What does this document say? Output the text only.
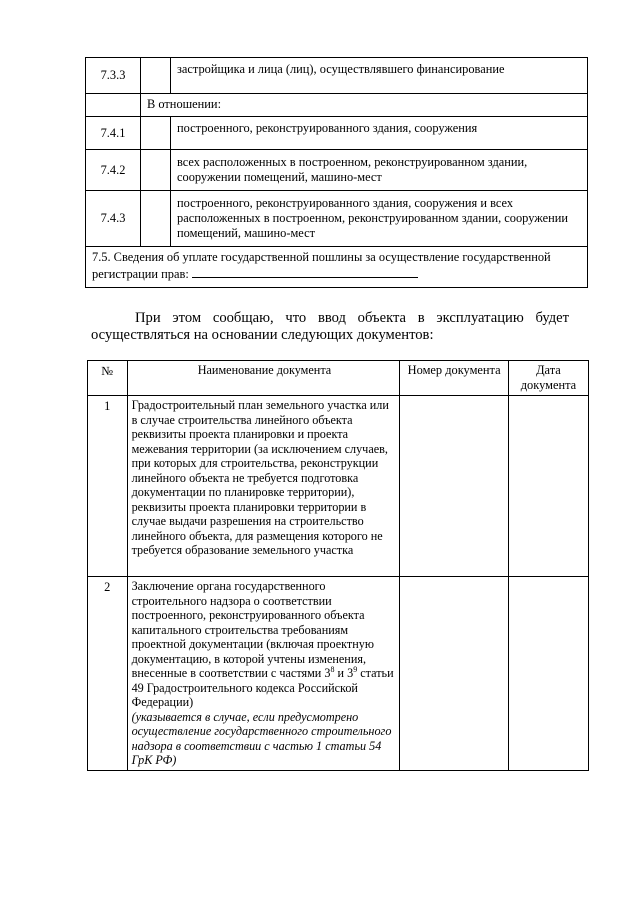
7.3.3		застройщика и лица (лиц), осуществлявшего финансирование
	В отношении:	
7.4.1		построенного, реконструированного здания, сооружения
7.4.2		всех расположенных в построенном, реконструированном здании, сооружении помещений, машино-мест
7.4.3		построенного, реконструированного здания, сооружения и всех расположенных в построенном, реконструированном здании, сооружении помещений, машино-мест
7.5. Сведения об уплате государственной пошлины за осуществление государственной регистрации прав:		

При этом сообщаю, что ввод объекта в эксплуатацию будет осуществляться на основании следующих документов:

№	Наименование документа	Номер документа	Дата документа
1	Градостроительный план земельного участка или в случае строительства линейного объекта реквизиты проекта планировки и проекта межевания территории (за исключением случаев, при которых для строительства, реконструкции линейного объекта не требуется подготовка документации по планировке территории), реквизиты проекта планировки территории в случае выдачи разрешения на строительство линейного объекта, для размещения которого не требуется образование земельного участка		
2	Заключение органа государственного строительного надзора о соответствии построенного, реконструированного объекта капитального строительства требованиям проектной документации (включая проектную документацию, в которой учтены изменения, внесенные в соответствии с частями $3^8$ и $3^9$ статьи 49 Градостроительного кодекса Российской Федерации)
(указывается в случае, если предусмотрено осуществление государственного строительного надзора в соответствии с частью 1 статьи 54 ГрК РФ)		
